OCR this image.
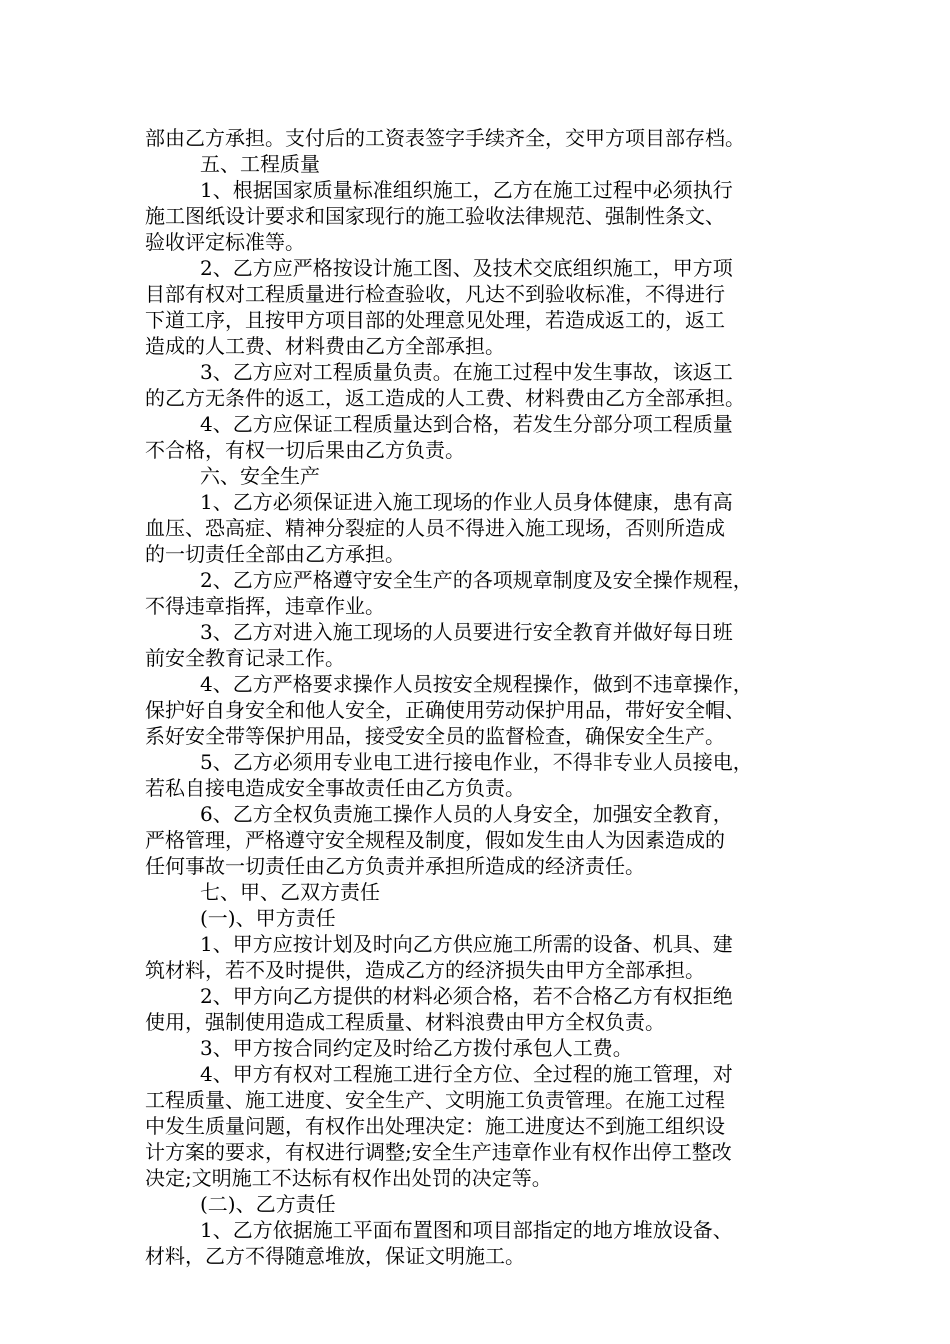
部由乙方承担。支付后的工资表签字手续齐全，交甲方项目部存档。
五、工程质量
1、根据国家质量标准组织施工，乙方在施工过程中必须执行
施工图纸设计要求和国家现行的施工验收法律规范、强制性条文、
验收评定标准等。
2、乙方应严格按设计施工图、及技术交底组织施工，甲方项
目部有权对工程质量进行检查验收，凡达不到验收标准，不得进行
下道工序，且按甲方项目部的处理意见处理，若造成返工的，返工
造成的人工费、材料费由乙方全部承担。
3、乙方应对工程质量负责。在施工过程中发生事故，该返工
的乙方无条件的返工，返工造成的人工费、材料费由乙方全部承担。
4、乙方应保证工程质量达到合格，若发生分部分项工程质量
不合格，有权一切后果由乙方负责。
六、安全生产
1、乙方必须保证进入施工现场的作业人员身体健康，患有高
血压、恐高症、精神分裂症的人员不得进入施工现场，否则所造成
的一切责任全部由乙方承担。
2、乙方应严格遵守安全生产的各项规章制度及安全操作规程，
不得违章指挥，违章作业。
3、乙方对进入施工现场的人员要进行安全教育并做好每日班
前安全教育记录工作。
4、乙方严格要求操作人员按安全规程操作，做到不违章操作，
保护好自身安全和他人安全，正确使用劳动保护用品，带好安全帽、
系好安全带等保护用品，接受安全员的监督检查，确保安全生产。
5、乙方必须用专业电工进行接电作业，不得非专业人员接电，
若私自接电造成安全事故责任由乙方负责。
6、乙方全权负责施工操作人员的人身安全，加强安全教育，
严格管理，严格遵守安全规程及制度，假如发生由人为因素造成的
任何事故一切责任由乙方负责并承担所造成的经济责任。
七、甲、乙双方责任
(一)、甲方责任
1、甲方应按计划及时向乙方供应施工所需的设备、机具、建
筑材料，若不及时提供，造成乙方的经济损失由甲方全部承担。
2、甲方向乙方提供的材料必须合格，若不合格乙方有权拒绝
使用，强制使用造成工程质量、材料浪费由甲方全权负责。
3、甲方按合同约定及时给乙方拨付承包人工费。
4、甲方有权对工程施工进行全方位、全过程的施工管理，对
工程质量、施工进度、安全生产、文明施工负责管理。在施工过程
中发生质量问题，有权作出处理决定：施工进度达不到施工组织设
计方案的要求，有权进行调整;安全生产违章作业有权作出停工整改
决定;文明施工不达标有权作出处罚的决定等。
(二)、乙方责任
1、乙方依据施工平面布置图和项目部指定的地方堆放设备、
材料，乙方不得随意堆放，保证文明施工。
